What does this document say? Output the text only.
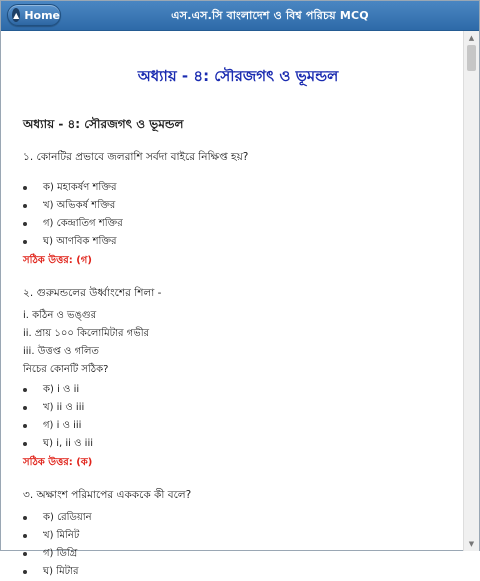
▲ Home	এস.এস.সি বাংলাদেশ ও বিশ্ব পরিচয় MCQ
অধ্যায় - ৪: সৌরজগৎ ও ভূমন্ডল
অধ্যায় - ৪: সৌরজগৎ ও ভূমন্ডল
১. কোনটির প্রভাবে জলরাশি সর্বদা বাইরে নিক্ষিপ্ত হয়?
ক) মহাকর্ষণ শক্তির
খ) অভিকর্ষ শক্তির
গ) কেন্দ্রাতিগ শক্তির
ঘ) আণবিক শক্তির
সঠিক উত্তর: (গ)
২. গুরুমন্ডলের উর্ধ্বাংশের শিলা -
i. কঠিন ও ভঙ্গুর
ii. প্রায় ১০০ কিলোমিটার গভীর
iii. উত্তপ্ত ও গলিত
নিচের কোনটি সঠিক?
ক) i ও ii
খ) ii ও iii
গ) i ও iii
ঘ) i, ii ও iii
সঠিক উত্তর: (ক)
৩. অক্ষাংশ পরিমাপের একককে কী বলে?
ক) রেডিয়ান
খ) মিনিট
গ) ডিগ্রি
ঘ) মিটার
▲
▼
